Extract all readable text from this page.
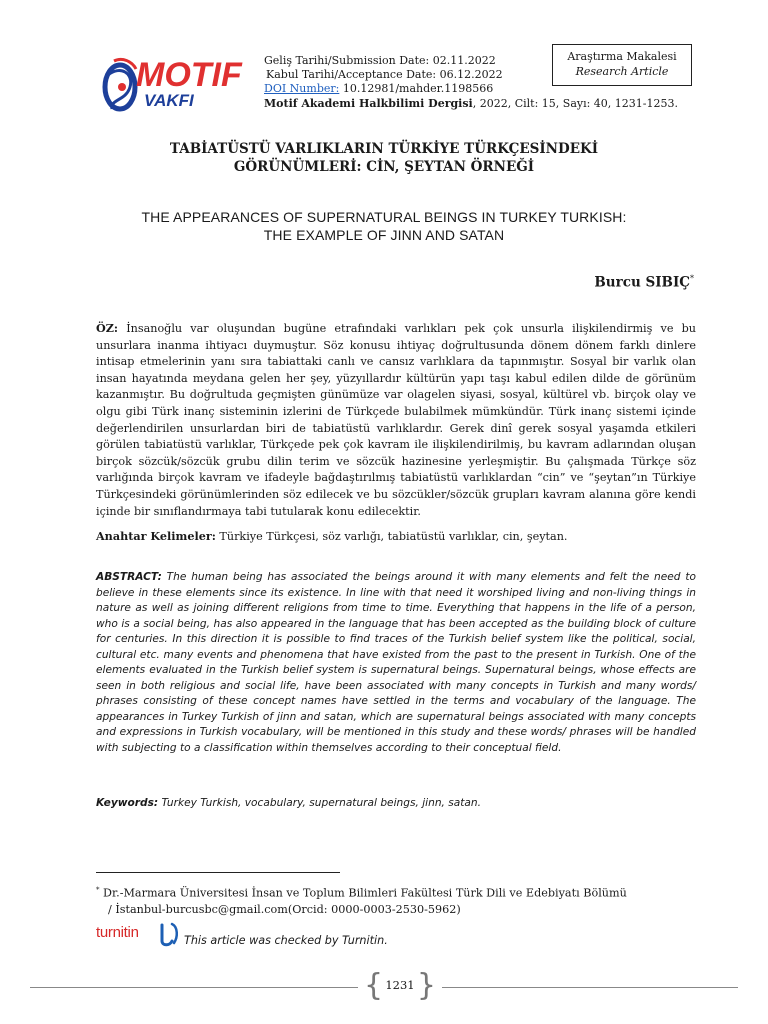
MOTIF
VAKFI
Geliş Tarihi/Submission Date: 02.11.2022
Kabul Tarihi/Acceptance Date: 06.12.2022
DOI Number: 10.12981/mahder.1198566
Motif Akademi Halkbilimi Dergisi, 2022, Cilt: 15, Sayı: 40, 1231-1253.
Araştırma Makalesi
Research Article
TABİATÜSTÜ VARLIKLARIN TÜRKİYE TÜRKÇESİNDEKİ
GÖRÜNÜMLERİ: CİN, ŞEYTAN ÖRNEĞİ
THE APPEARANCES OF SUPERNATURAL BEINGS IN TURKEY TURKISH:
THE EXAMPLE OF JINN AND SATAN
Burcu SIBIÇ*
ÖZ: İnsanoğlu var oluşundan bugüne etrafındaki varlıkları pek çok unsurla ilişkilendirmiş ve bu unsurlara inanma ihtiyacı duymuştur. Söz konusu ihtiyaç doğrultusunda dönem dönem farklı dinlere intisap etmelerinin yanı sıra tabiattaki canlı ve cansız varlıklara da tapınmıştır. Sosyal bir varlık olan insan hayatında meydana gelen her şey, yüzyıllardır kültürün yapı taşı kabul edilen dilde de görünüm kazanmıştır. Bu doğrultuda geçmişten günümüze var olagelen siyasi, sosyal, kültürel vb. birçok olay ve olgu gibi Türk inanç sisteminin izlerini de Türkçede bulabilmek mümkündür. Türk inanç sistemi içinde değerlendirilen unsurlardan biri de tabiatüstü varlıklardır. Gerek dinî gerek sosyal yaşamda etkileri görülen tabiatüstü varlıklar, Türkçede pek çok kavram ile ilişkilendirilmiş, bu kavram adlarından oluşan birçok sözcük/sözcük grubu dilin terim ve sözcük hazinesine yerleşmiştir. Bu çalışmada Türkçe söz varlığında birçok kavram ve ifadeyle bağdaştırılmış tabiatüstü varlıklardan “cin” ve “şeytan”ın Türkiye Türkçesindeki görünümlerinden söz edilecek ve bu sözcükler/sözcük grupları kavram alanına göre kendi içinde bir sınıflandırmaya tabi tutularak konu edilecektir.
Anahtar Kelimeler: Türkiye Türkçesi, söz varlığı, tabiatüstü varlıklar, cin, şeytan.
ABSTRACT: The human being has associated the beings around it with many elements and felt the need to believe in these elements since its existence. In line with that need it worshiped living and non-living things in nature as well as joining different religions from time to time. Everything that happens in the life of a person, who is a social being, has also appeared in the language that has been accepted as the building block of culture for centuries. In this direction it is possible to find traces of the Turkish belief system like the political, social, cultural etc. many events and phenomena that have existed from the past to the present in Turkish. One of the elements evaluated in the Turkish belief system is supernatural beings. Supernatural beings, whose effects are seen in both religious and social life, have been associated with many concepts in Turkish and many words/ phrases consisting of these concept names have settled in the terms and vocabulary of the language. The appearances in Turkey Turkish of jinn and satan, which are supernatural beings associated with many concepts and expressions in Turkish vocabulary, will be mentioned in this study and these words/ phrases will be handled with subjecting to a classification within themselves according to their conceptual field.
Keywords: Turkey Turkish, vocabulary, supernatural beings, jinn, satan.
* Dr.-Marmara Üniversitesi İnsan ve Toplum Bilimleri Fakültesi Türk Dili ve Edebiyatı Bölümü
/ İstanbul-burcusbc@gmail.com(Orcid: 0000-0003-2530-5962)
turnitin	This article was checked by Turnitin.
{ 1231 }
